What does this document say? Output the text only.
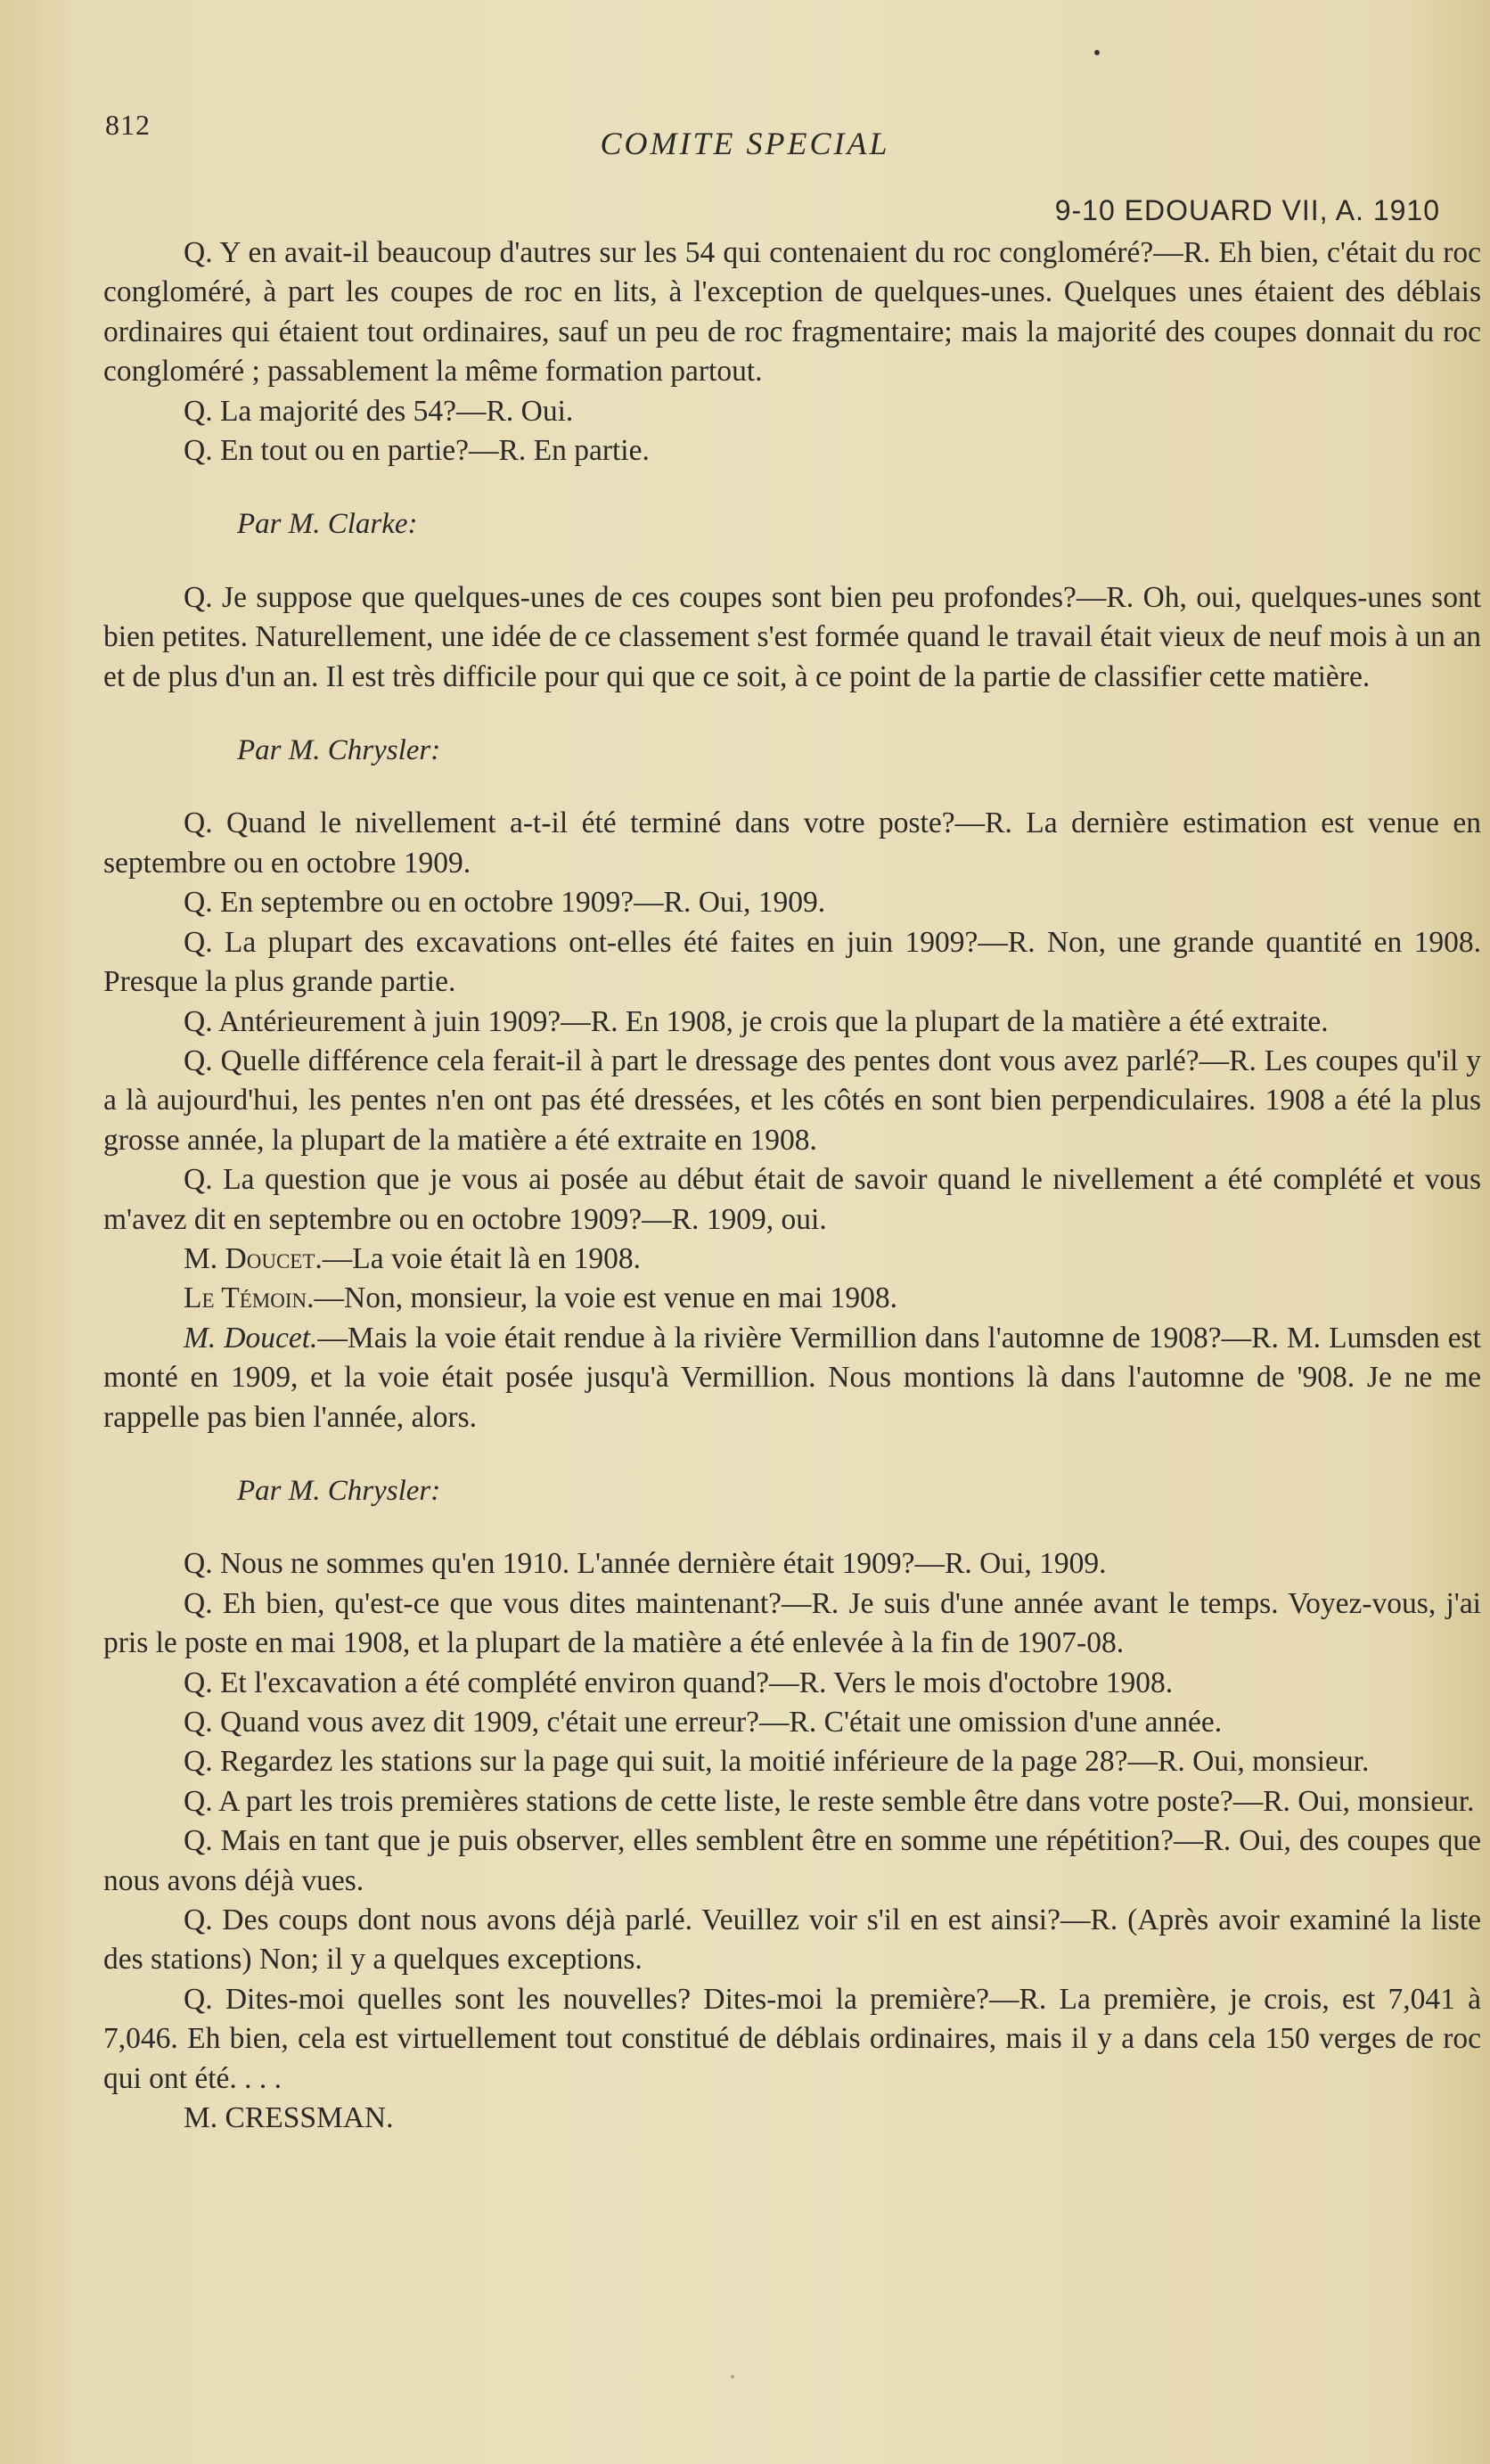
812
COMITE SPECIAL
9-10 EDOUARD VII, A. 1910

Q. Y en avait-il beaucoup d'autres sur les 54 qui contenaient du roc congloméré?—R. Eh bien, c'était du roc congloméré, à part les coupes de roc en lits, à l'exception de quelques-unes. Quelques unes étaient des déblais ordinaires qui étaient tout ordinaires, sauf un peu de roc fragmentaire; mais la majorité des coupes donnait du roc congloméré ; passablement la même formation partout.

Q. La majorité des 54?—R. Oui.

Q. En tout ou en partie?—R. En partie.

Par M. Clarke:

Q. Je suppose que quelques-unes de ces coupes sont bien peu profondes?—R. Oh, oui, quelques-unes sont bien petites. Naturellement, une idée de ce classement s'est formée quand le travail était vieux de neuf mois à un an et de plus d'un an. Il est très difficile pour qui que ce soit, à ce point de la partie de classifier cette matière.

Par M. Chrysler:

Q. Quand le nivellement a-t-il été terminé dans votre poste?—R. La dernière estimation est venue en septembre ou en octobre 1909.

Q. En septembre ou en octobre 1909?—R. Oui, 1909.

Q. La plupart des excavations ont-elles été faites en juin 1909?—R. Non, une grande quantité en 1908. Presque la plus grande partie.

Q. Antérieurement à juin 1909?—R. En 1908, je crois que la plupart de la matière a été extraite.

Q. Quelle différence cela ferait-il à part le dressage des pentes dont vous avez parlé?—R. Les coupes qu'il y a là aujourd'hui, les pentes n'en ont pas été dressées, et les côtés en sont bien perpendiculaires. 1908 a été la plus grosse année, la plupart de la matière a été extraite en 1908.

Q. La question que je vous ai posée au début était de savoir quand le nivellement a été complété et vous m'avez dit en septembre ou en octobre 1909?—R. 1909, oui.

M. Doucet.—La voie était là en 1908.

Le Témoin.—Non, monsieur, la voie est venue en mai 1908.

M. Doucet.—Mais la voie était rendue à la rivière Vermillion dans l'automne de 1908?—R. M. Lumsden est monté en 1909, et la voie était posée jusqu'à Vermillion. Nous montions là dans l'automne de '908. Je ne me rappelle pas bien l'année, alors.

Par M. Chrysler:

Q. Nous ne sommes qu'en 1910. L'année dernière était 1909?—R. Oui, 1909.

Q. Eh bien, qu'est-ce que vous dites maintenant?—R. Je suis d'une année avant le temps. Voyez-vous, j'ai pris le poste en mai 1908, et la plupart de la matière a été enlevée à la fin de 1907-08.

Q. Et l'excavation a été complété environ quand?—R. Vers le mois d'octobre 1908.

Q. Quand vous avez dit 1909, c'était une erreur?—R. C'était une omission d'une année.

Q. Regardez les stations sur la page qui suit, la moitié inférieure de la page 28?—R. Oui, monsieur.

Q. A part les trois premières stations de cette liste, le reste semble être dans votre poste?—R. Oui, monsieur.

Q. Mais en tant que je puis observer, elles semblent être en somme une répétition?—R. Oui, des coupes que nous avons déjà vues.

Q. Des coups dont nous avons déjà parlé. Veuillez voir s'il en est ainsi?—R. (Après avoir examiné la liste des stations) Non; il y a quelques exceptions.

Q. Dites-moi quelles sont les nouvelles? Dites-moi la première?—R. La première, je crois, est 7,041 à 7,046. Eh bien, cela est virtuellement tout constitué de déblais ordinaires, mais il y a dans cela 150 verges de roc qui ont été. . . .

M. CRESSMAN.
